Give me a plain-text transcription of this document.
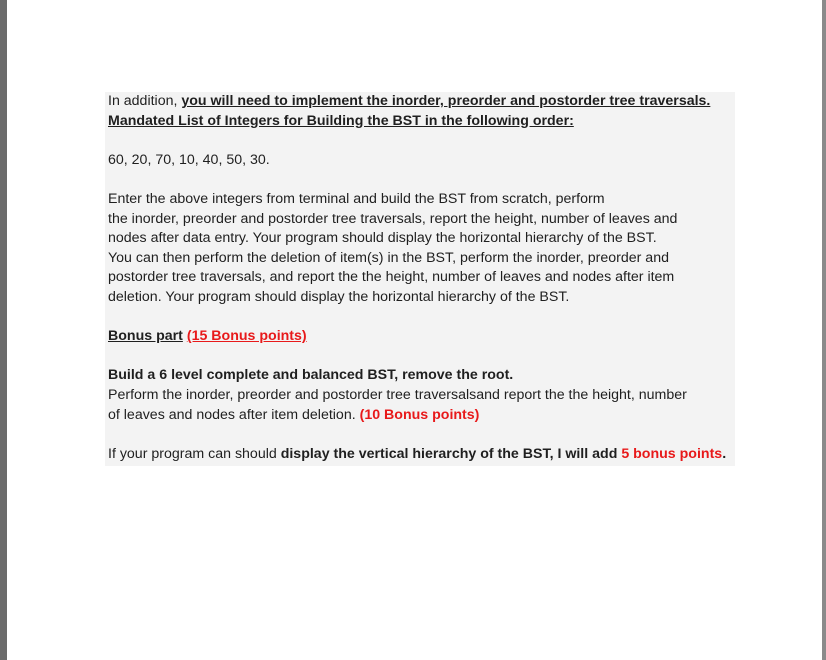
In addition, you will need to implement the inorder, preorder and postorder tree traversals.

Mandated List of Integers for Building the BST in the following order:

60, 20, 70, 10, 40, 50, 30.

Enter the above integers from terminal and build the BST from scratch, perform

the inorder, preorder and postorder tree traversals, report the height, number of leaves and

nodes after data entry. Your program should display the horizontal hierarchy of the BST.

You can then perform the deletion of item(s) in the BST, perform the inorder, preorder and

postorder tree traversals, and report the the height, number of leaves and nodes after item

deletion. Your program should display the horizontal hierarchy of the BST.

Bonus part (15 Bonus points)

Build a 6 level complete and balanced BST, remove the root.

Perform the inorder, preorder and postorder tree traversalsand report the the height, number

of leaves and nodes after item deletion. (10 Bonus points)

If your program can should display the vertical hierarchy of the BST, I will add 5 bonus points.
